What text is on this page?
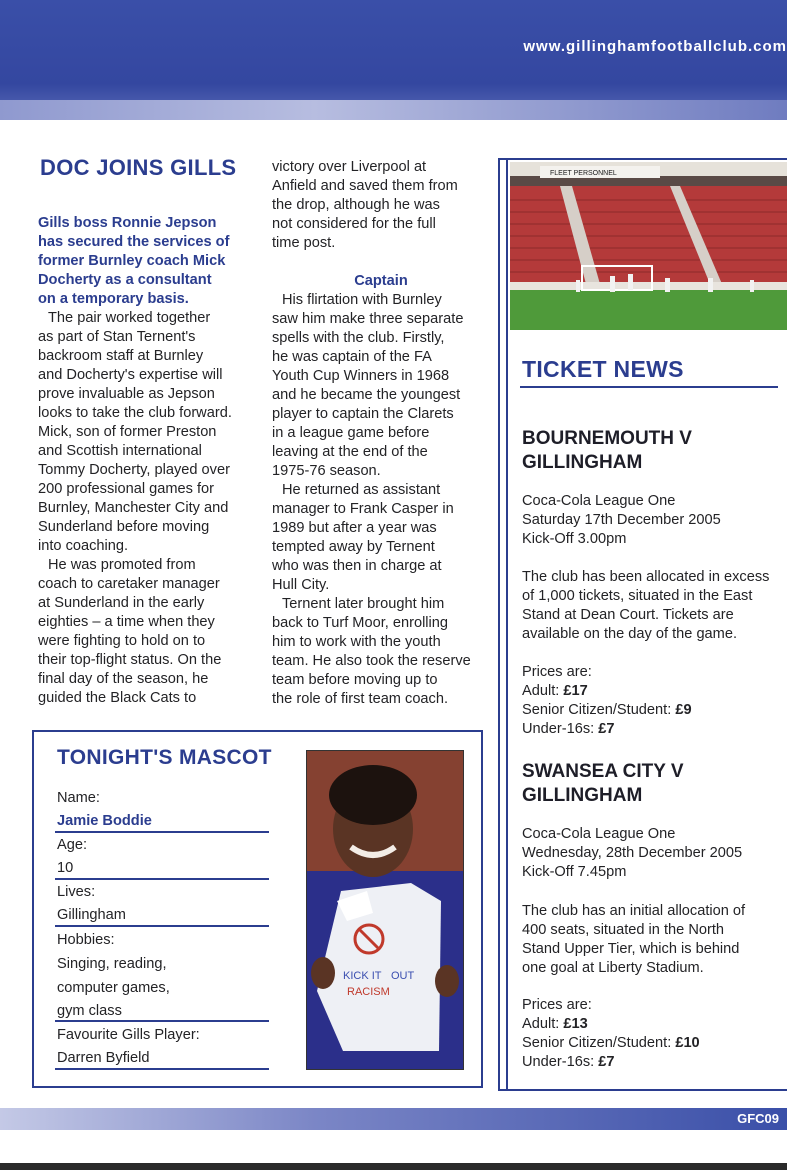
www.gillinghamfootballclub.com
DOC JOINS GILLS
Gills boss Ronnie Jepson
has secured the services of
former Burnley coach Mick
Docherty as a consultant
on a temporary basis.

The pair worked together
as part of Stan Ternent's
backroom staff at Burnley
and Docherty's expertise will
prove invaluable as Jepson
looks to take the club forward.
Mick, son of former Preston
and Scottish international
Tommy Docherty, played over
200 professional games for
Burnley, Manchester City and
Sunderland before moving
into coaching.

He was promoted from
coach to caretaker manager
at Sunderland in the early
eighties – a time when they
were fighting to hold on to
their top-flight status. On the
final day of the season, he
guided the Black Cats to

victory over Liverpool at
Anfield and saved them from
the drop, although he was
not considered for the full
time post.
Captain

His flirtation with Burnley
saw him make three separate
spells with the club. Firstly,
he was captain of the FA
Youth Cup Winners in 1968
and he became the youngest
player to captain the Clarets
in a league game before
leaving at the end of the
1975-76 season.

He returned as assistant
manager to Frank Casper in
1989 but after a year was
tempted away by Ternent
who was then in charge at
Hull City.

Ternent later brought him
back to Turf Moor, enrolling
him to work with the youth
team. He also took the reserve
team before moving up to
the role of first team coach.

FLEET PERSONNEL
TICKET NEWS
BOURNEMOUTH V
GILLINGHAM
Coca-Cola League One
Saturday 17th December 2005
Kick-Off 3.00pm
The club has been allocated in excess
of 1,000 tickets, situated in the East
Stand at Dean Court. Tickets are
available on the day of the game.
Prices are:
Adult: £17
Senior Citizen/Student: £9
Under-16s: £7
SWANSEA CITY V
GILLINGHAM
Coca-Cola League One
Wednesday, 28th December 2005
Kick-Off 7.45pm
The club has an initial allocation of
400 seats, situated in the North
Stand Upper Tier, which is behind
one goal at Liberty Stadium.
Prices are:
Adult: £13
Senior Citizen/Student: £10
Under-16s: £7
TONIGHT'S MASCOT
Name:
Jamie Boddie
Age:
10
Lives:
Gillingham
Hobbies:
Singing, reading,
computer games,
gym class
Favourite Gills Player:
Darren Byfield
KICK IT OUT
RACISM
GFC09
